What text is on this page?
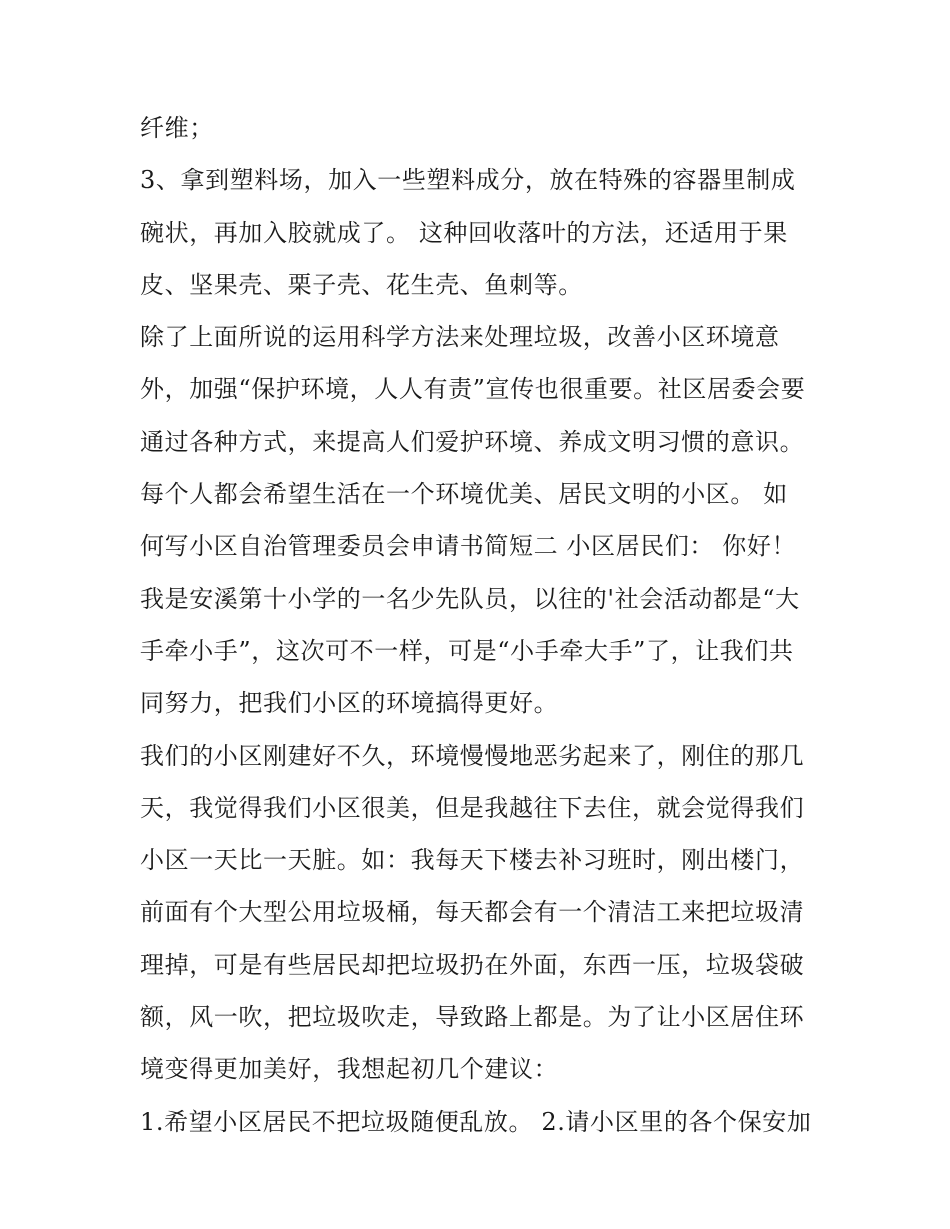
纤维；
3、拿到塑料场，加入一些塑料成分，放在特殊的容器里制成
碗状，再加入胶就成了。 这种回收落叶的方法，还适用于果
皮、坚果壳、栗子壳、花生壳、鱼刺等。
除了上面所说的运用科学方法来处理垃圾，改善小区环境意
外，加强“保护环境，人人有责”宣传也很重要。社区居委会要
通过各种方式，来提高人们爱护环境、养成文明习惯的意识。
每个人都会希望生活在一个环境优美、居民文明的小区。 如
何写小区自治管理委员会申请书简短二 小区居民们： 你好！
我是安溪第十小学的一名少先队员，以往的'社会活动都是“大
手牵小手”，这次可不一样，可是“小手牵大手”了，让我们共
同努力，把我们小区的环境搞得更好。
我们的小区刚建好不久，环境慢慢地恶劣起来了，刚住的那几
天，我觉得我们小区很美，但是我越往下去住，就会觉得我们
小区一天比一天脏。如：我每天下楼去补习班时，刚出楼门，
前面有个大型公用垃圾桶，每天都会有一个清洁工来把垃圾清
理掉，可是有些居民却把垃圾扔在外面，东西一压，垃圾袋破
额，风一吹，把垃圾吹走，导致路上都是。为了让小区居住环
境变得更加美好，我想起初几个建议：
1.希望小区居民不把垃圾随便乱放。 2.请小区里的各个保安加
